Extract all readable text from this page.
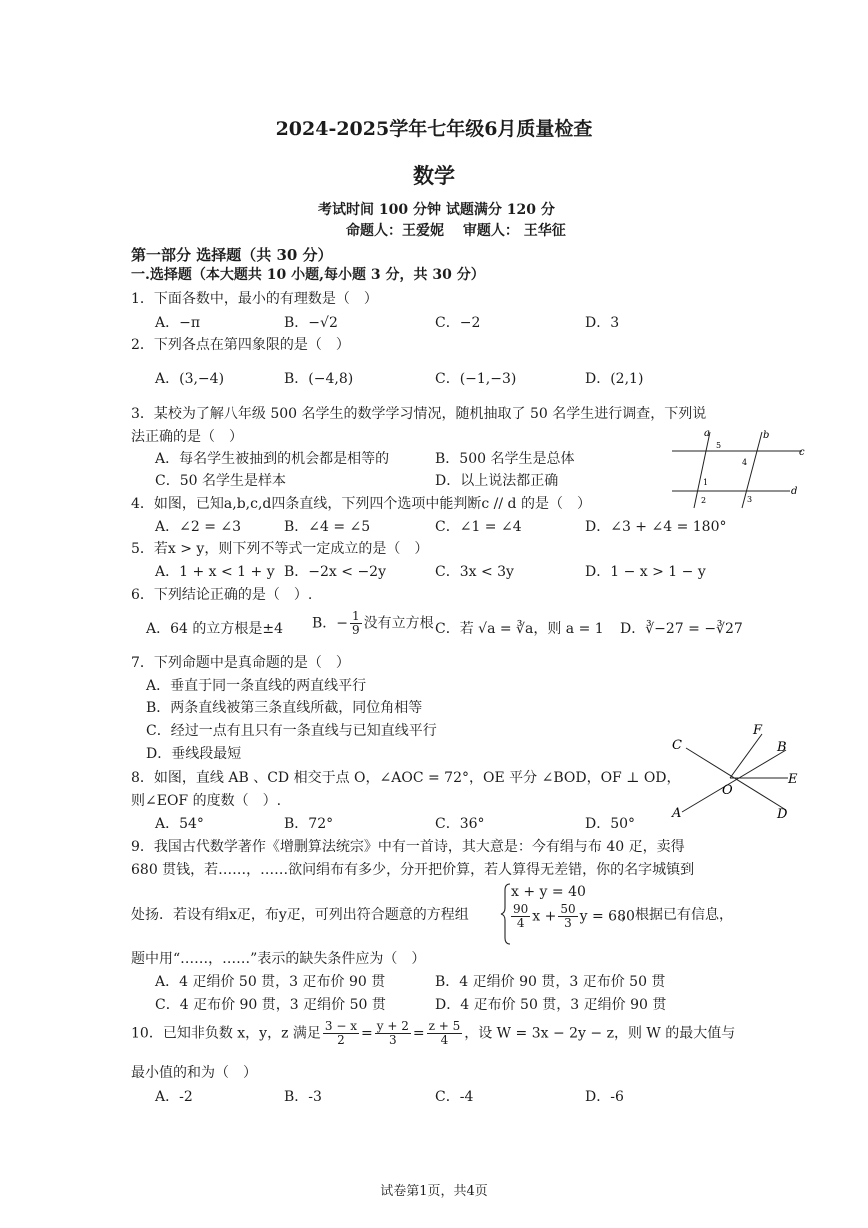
2024-2025学年七年级6月质量检查
数学
考试时间 100 分钟 试题满分 120 分
命题人：王爱妮　 审题人： 王华征
第一部分 选择题（共 30 分）
一.选择题（本大题共 10 小题,每小题 3 分，共 30 分）
1．下面各数中，最小的有理数是（　）
A．−π	B．−√2	C．−2	D．3
2．下列各点在第四象限的是（　）
A．(3,−4)	B．(−4,8)	C．(−1,−3)	D．(2,1)
3．某校为了解八年级 500 名学生的数学学习情况，随机抽取了 50 名学生进行调查，下列说
法正确的是（　）
A．每名学生被抽到的机会都是相等的	B．500 名学生是总体
C．50 名学生是样本	D．以上说法都正确
a	b
c
d
1
2	3
4
5
4．如图，已知a,b,c,d四条直线，下列四个选项中能判断c // d 的是（　）
A．∠2 = ∠3	B．∠4 = ∠5	C．∠1 = ∠4	D．∠3 + ∠4 = 180°
5．若x > y，则下列不等式一定成立的是（　）
A．1 + x < 1 + y B．−2x < −2y	C．3x < 3y	D．1 − x > 1 − y
6．下列结论正确的是（　）.
A．64 的立方根是±4 B．− $\frac{1}{9}$ 没有立方根 C．若 √a = ∛a，则 a = 1 D．∛−27 = −∛27
7．下列命题中是真命题的是（　）
A．垂直于同一条直线的两直线平行
B．两条直线被第三条直线所截，同位角相等
C．经过一点有且只有一条直线与已知直线平行
D．垂线段最短
C
F
B
E
O
A	D
8．如图，直线 AB 、CD 相交于点 O，∠AOC = 72°，OE 平分 ∠BOD，OF ⊥ OD，
则∠EOF 的度数（　）.
A．54°	B．72°	C．36°	D．50°
9．我国古代数学著作《增删算法统宗》中有一首诗，其大意是：今有绢与布 40 疋，卖得
680 贯钱，若……，……欲问绢布有多少，分开把价算，若人算得无差错，你的名字城镇到
处扬．若设有绢x疋，布y疋，可列出符合题意的方程组
x + y = 40
$\frac{90}{4}$ $x + \frac{50}{3}$ y = 680
，根据已有信息，
题中用“……，……”表示的缺失条件应为（　）
A．4 疋绢价 50 贯，3 疋布价 90 贯	B．4 疋绢价 90 贯，3 疋布价 50 贯
C．4 疋布价 90 贯，3 疋绢价 50 贯	D．4 疋布价 50 贯，3 疋绢价 90 贯
10．已知非负数 x，y，z 满足 $\frac{3 - x}{2} = \frac{y + 2}{3} = \frac{z + 5}{4}$ ，设 W = 3x − 2y − z，则 W 的最大值与
最小值的和为（　）
A．-2	B．-3	C．-4	D．-6
试卷第1页，共4页
